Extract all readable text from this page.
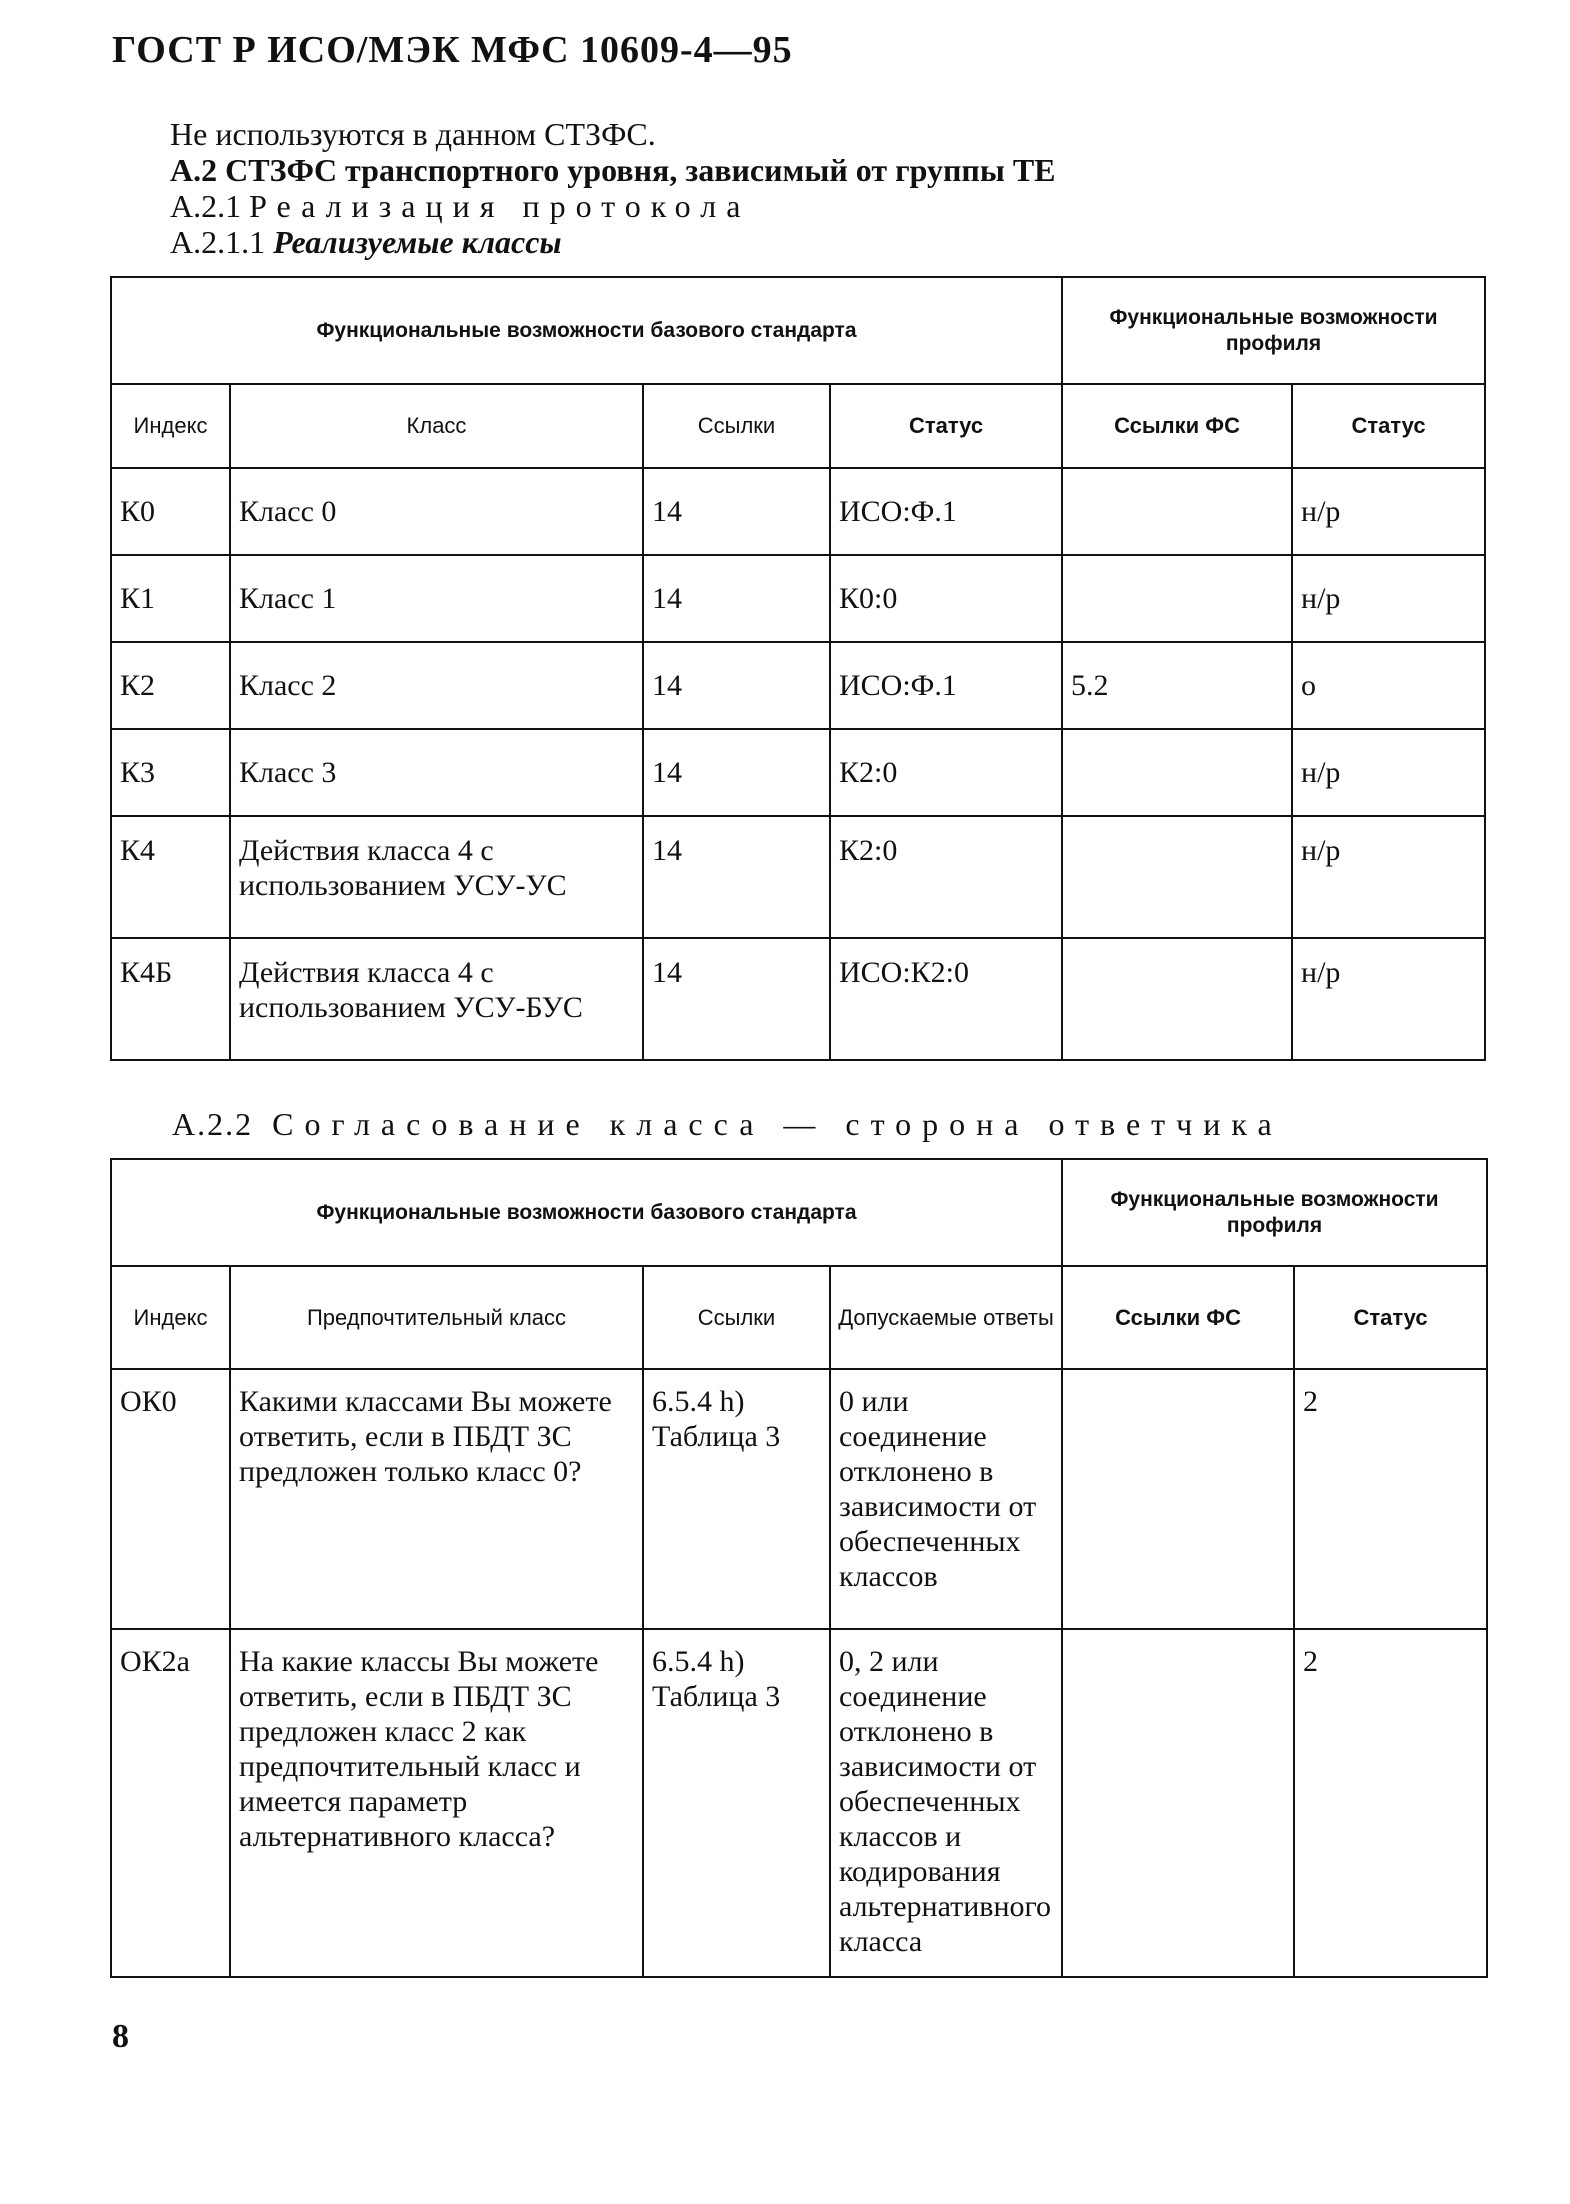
ГОСТ Р ИСО/МЭК МФС 10609-4—95
Не используются в данном СТЗФС.
А.2 СТЗФС транспортного уровня, зависимый от группы ТЕ
А.2.1 Реализация протокола
А.2.1.1 Реализуемые классы
Функциональные возможности базового стандарта				Функциональные возможности профиля	
Индекс	Класс	Ссылки	Статус	Ссылки ФС	Статус
К0	Класс 0	14	ИСО:Ф.1		н/р
К1	Класс 1	14	К0:0		н/р
К2	Класс 2	14	ИСО:Ф.1	5.2	о
К3	Класс 3	14	К2:0		н/р
К4	Действия класса 4 с использованием УСУ-УС	14	К2:0		н/р
К4Б	Действия класса 4 с использованием УСУ-БУС	14	ИСО:К2:0		н/р
А.2.2 Согласование класса — сторона ответчика
Функциональные возможности базового стандарта				Функциональные возможности профиля	
Индекс	Предпочтительный класс	Ссылки	Допускаемые ответы	Ссылки ФС	Статус
ОК0	Какими классами Вы можете ответить, если в ПБДТ ЗС предложен только класс 0?	6.5.4 h) Таблица 3	0 или соединение отклонено в зависимости от обеспеченных классов		2
ОК2а	На какие классы Вы можете ответить, если в ПБДТ ЗС предложен класс 2 как предпочтительный класс и имеется параметр альтернативного класса?	6.5.4 h) Таблица 3	0, 2 или соединение отклонено в зависимости от обеспеченных классов и кодирования альтернативного класса		2
8
